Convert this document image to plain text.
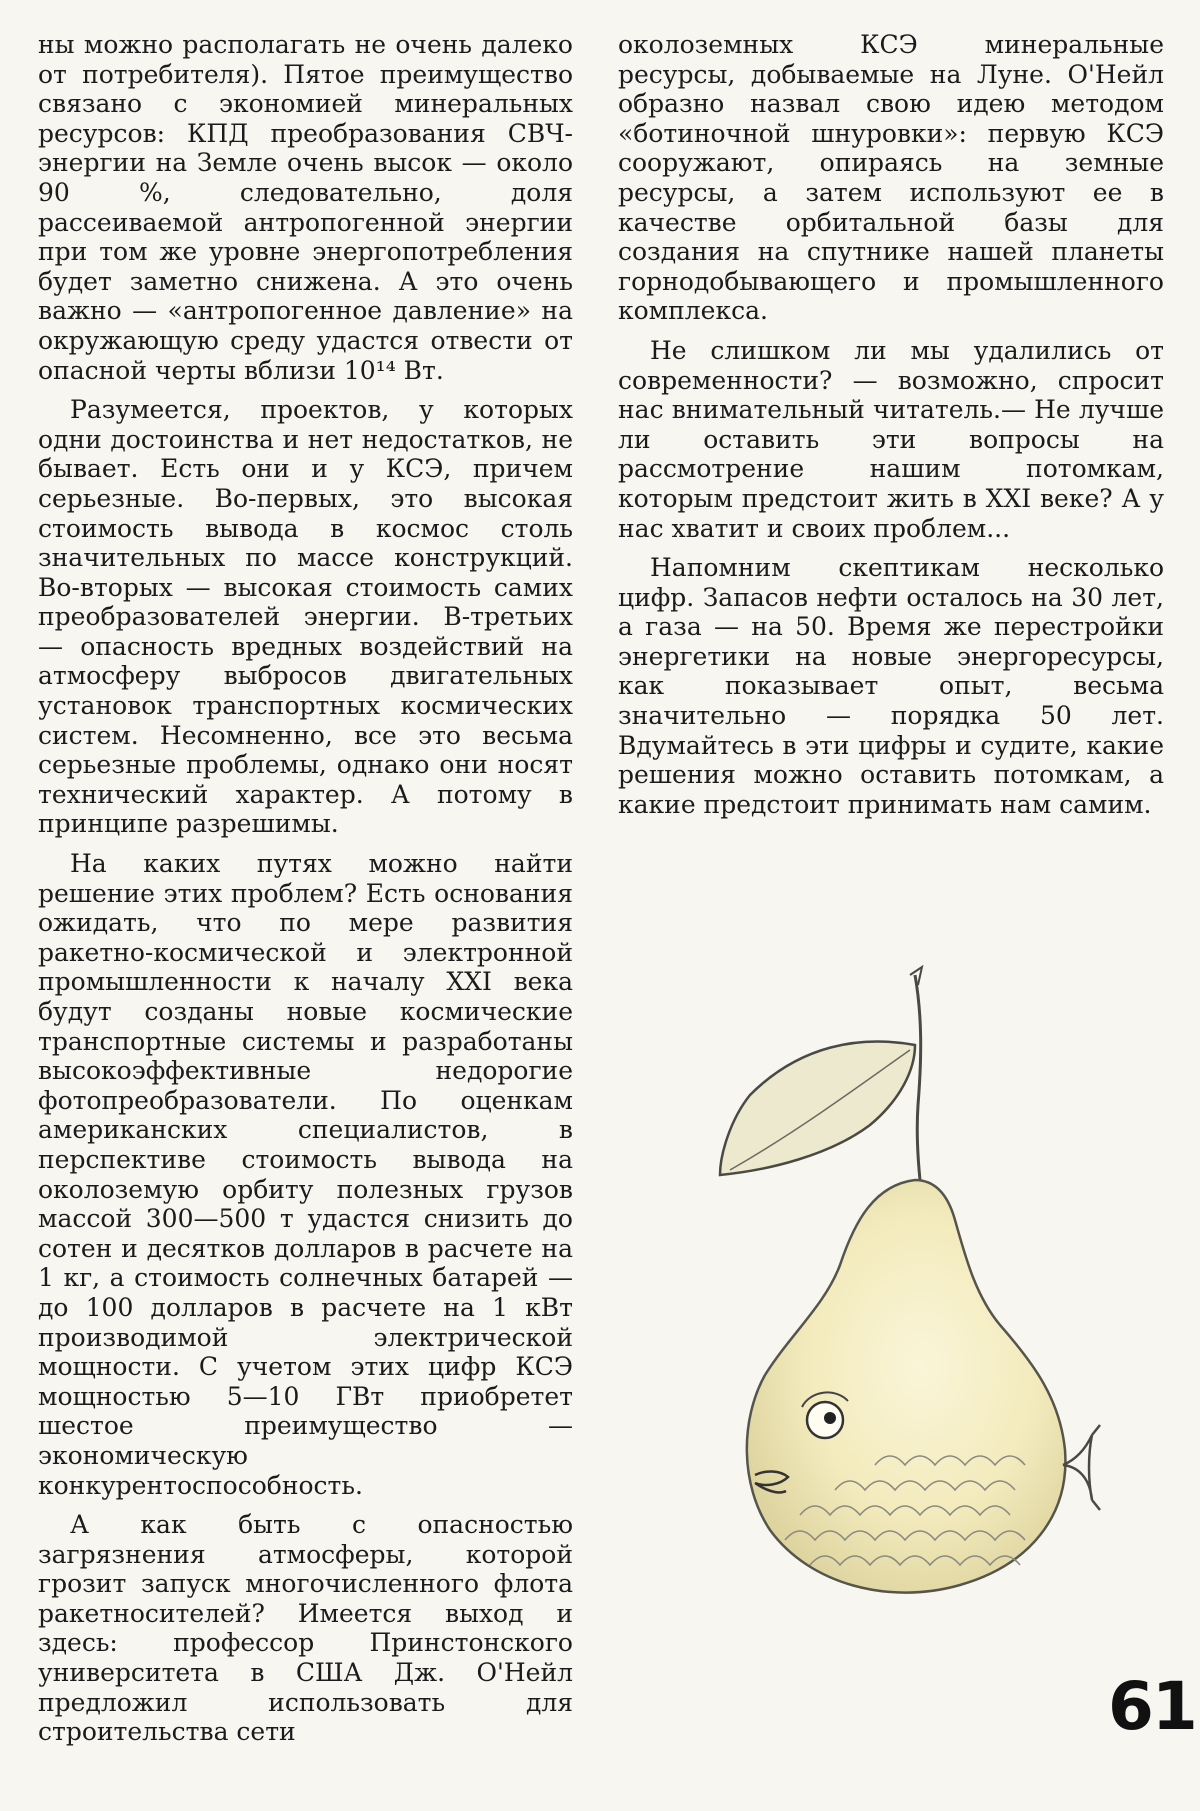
ны можно располагать не очень далеко от потребителя). Пятое преимущество связано с экономией минеральных ресурсов: КПД преобразования СВЧ-энергии на Земле очень высок — около 90 %, следовательно, доля рассеиваемой антропогенной энергии при том же уровне энергопотребления будет заметно снижена. А это очень важно — «антропогенное давление» на окружающую среду удастся отвести от опасной черты вблизи 10¹⁴ Вт.

Разумеется, проектов, у которых одни достоинства и нет недостатков, не бывает. Есть они и у КСЭ, причем серьезные. Во-первых, это высокая стоимость вывода в космос столь значительных по массе конструкций. Во-вторых — высокая стоимость самих преобразователей энергии. В-третьих — опасность вредных воздействий на атмосферу выбросов двигательных установок транспортных космических систем. Несомненно, все это весьма серьезные проблемы, однако они носят технический характер. А потому в принципе разрешимы.

На каких путях можно найти решение этих проблем? Есть основания ожидать, что по мере развития ракетно-космической и электронной промышленности к началу XXI века будут созданы новые космические транспортные системы и разработаны высокоэффективные недорогие фотопреобразователи. По оценкам американских специалистов, в перспективе стоимость вывода на околоземую орбиту полезных грузов массой 300—500 т удастся снизить до сотен и десятков долларов в расчете на 1 кг, а стоимость солнечных батарей — до 100 долларов в расчете на 1 кВт производимой электрической мощности. С учетом этих цифр КСЭ мощностью 5—10 ГВт приобретет шестое преимущество — экономическую конкурентоспособность.

А как быть с опасностью загрязнения атмосферы, которой грозит запуск многочисленного флота ракетносителей? Имеется выход и здесь: профессор Принстонского университета в США Дж. О'Нейл предложил использовать для строительства сети

околоземных КСЭ минеральные ресурсы, добываемые на Луне. О'Нейл образно назвал свою идею методом «ботиночной шнуровки»: первую КСЭ сооружают, опираясь на земные ресурсы, а затем используют ее в качестве орбитальной базы для создания на спутнике нашей планеты горнодобывающего и промышленного комплекса.

Не слишком ли мы удалились от современности? — возможно, спросит нас внимательный читатель.— Не лучше ли оставить эти вопросы на рассмотрение нашим потомкам, которым предстоит жить в XXI веке? А у нас хватит и своих проблем...

Напомним скептикам несколько цифр. Запасов нефти осталось на 30 лет, а газа — на 50. Время же перестройки энергетики на новые энергоресурсы, как показывает опыт, весьма значительно — порядка 50 лет. Вдумайтесь в эти цифры и судите, какие решения можно оставить потомкам, а какие предстоит принимать нам самим.

61
